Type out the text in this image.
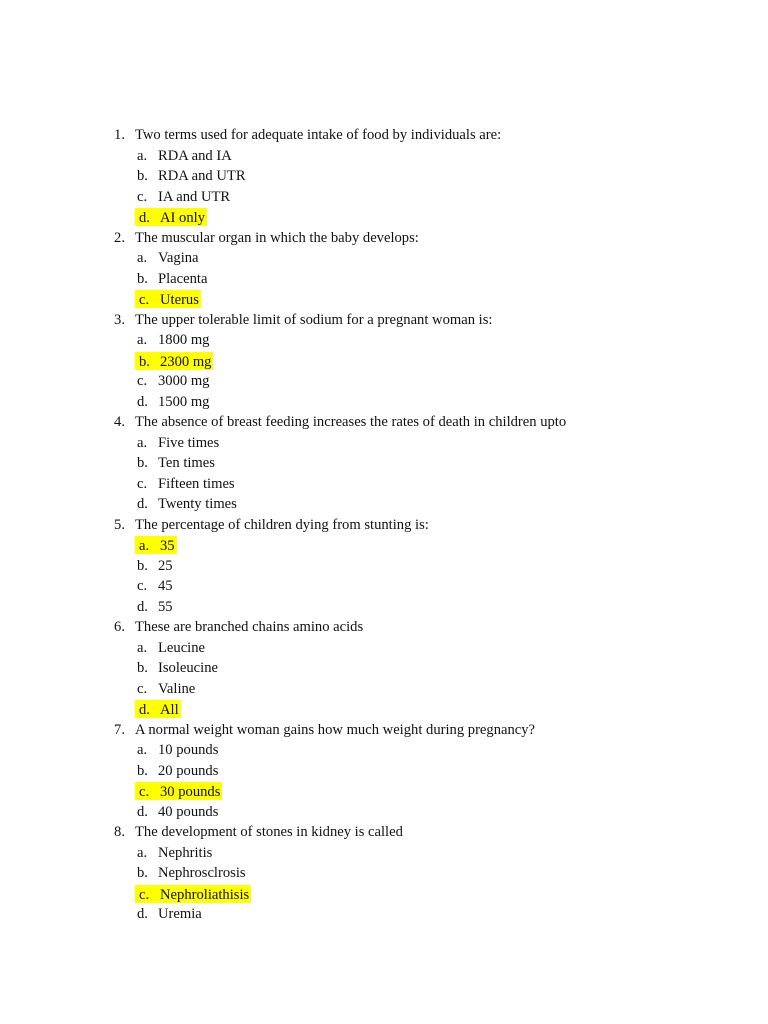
1. Two terms used for adequate intake of food by individuals are:
a. RDA and IA
b. RDA and UTR
c. IA and UTR
d. AI only
2. The muscular organ in which the baby develops:
a. Vagina
b. Placenta
c. Uterus
3. The upper tolerable limit of sodium for a pregnant woman is:
a. 1800 mg
b. 2300 mg
c. 3000 mg
d. 1500 mg
4. The absence of breast feeding increases the rates of death in children upto
a. Five times
b. Ten times
c. Fifteen times
d. Twenty times
5. The percentage of children dying from stunting is:
a. 35
b. 25
c. 45
d. 55
6. These are branched chains amino acids
a. Leucine
b. Isoleucine
c. Valine
d. All
7. A normal weight woman gains how much weight during pregnancy?
a. 10 pounds
b. 20 pounds
c. 30 pounds
d. 40 pounds
8. The development of stones in kidney is called
a. Nephritis
b. Nephrosclrosis
c. Nephroliathisis
d. Uremia
